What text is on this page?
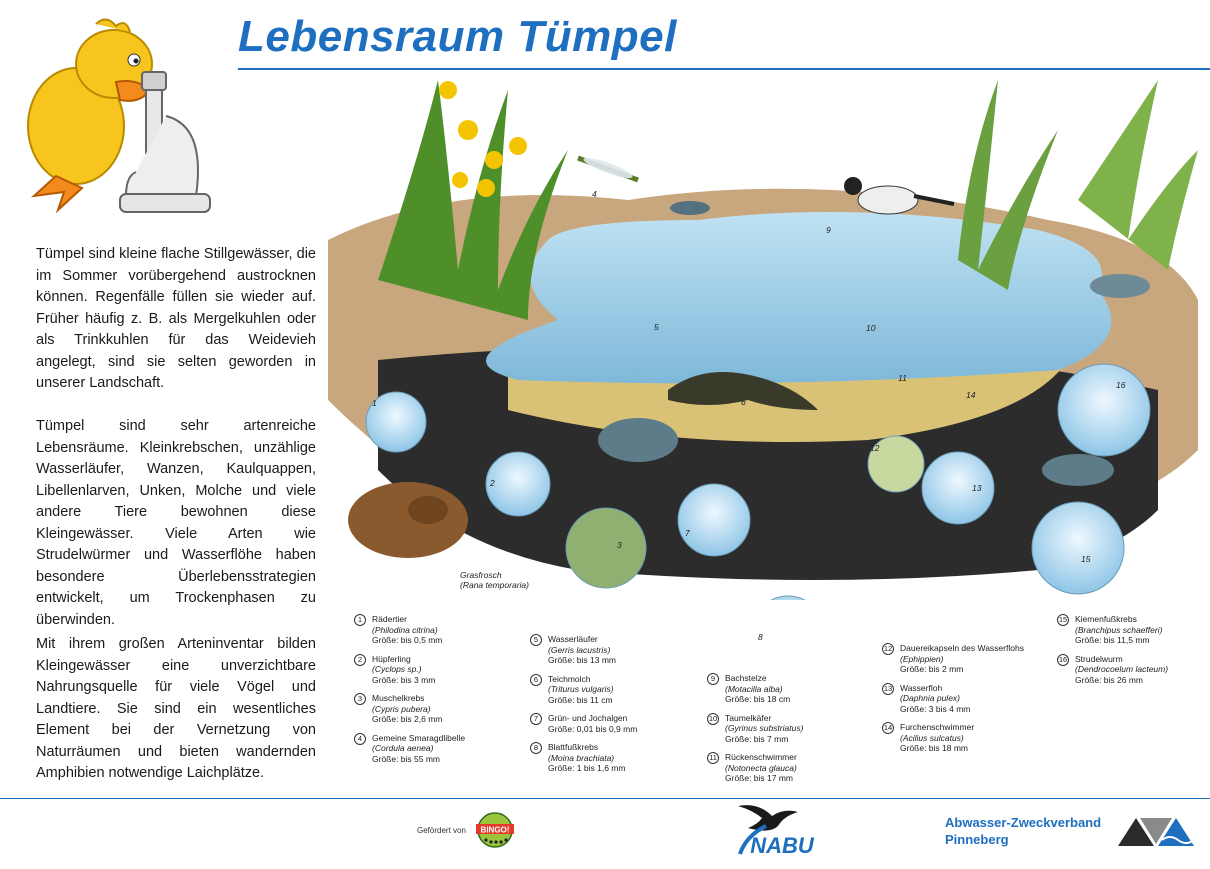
Lebensraum Tümpel

Tümpel sind kleine flache Stillgewässer, die im Sommer vorübergehend austrocknen können. Regenfälle füllen sie wieder auf. Früher häufig z. B. als Mergelkuhlen oder als Trinkkuhlen für das Weidevieh angelegt, sind sie selten geworden in unserer Landschaft.

Tümpel sind sehr artenreiche Lebensräume. Kleinkrebschen, unzählige Wasserläufer, Wanzen, Kaulquappen, Libellenlarven, Unken, Molche und viele andere Tiere bewohnen diese Kleingewässer. Viele Arten wie Strudelwürmer und Wasserflöhe haben besondere Überlebensstrategien entwickelt, um Trockenphasen zu überwinden.

Mit ihrem großen Arteninventar bilden Kleingewässer eine unverzichtbare Nahrungsquelle für viele Vögel und Landtiere. Sie sind ein wesentliches Element bei der Vernetzung von Naturräumen und bieten wandernden Amphibien notwendige Laichplätze.

1
2
3
4
5
6
7
8
9
10
11
12
13
14
15
16
Grasfrosch
(Rana temporaria)
1	Rädertier
(Philodina citrina)
Größe: bis 0,5 mm
2	Hüpferling
(Cyclops sp.)
Größe: bis 3 mm
3	Muschelkrebs
(Cypris pubera)
Größe: bis 2,6 mm
4	Gemeine Smaragdlibelle
(Cordula aenea)
Größe: bis 55 mm
5	Wasserläufer
(Gerris lacustris)
Größe: bis 13 mm
6	Teichmolch
(Triturus vulgaris)
Größe: bis 11 cm
7	Grün- und Jochalgen
Größe: 0,01 bis 0,9 mm
8	Blattfußkrebs
(Moina brachiata)
Größe: 1 bis 1,6 mm
9	Bachstelze
(Motacilla alba)
Größe: bis 18 cm
10 Taumelkäfer
(Gyrinus substriatus)
Größe: bis 7 mm
11 Rückenschwimmer
(Notonecta glauca)
Größe: bis 17 mm
12 Dauereikapseln des Wasserflohs
(Ephippien)
Größe: bis 2 mm
13 Wasserfloh
(Daphnia pulex)
Größe: 3 bis 4 mm
14 Furchenschwimmer
(Acilius sulcatus)
Größe: bis 18 mm
15 Kiemenfußkrebs
(Branchipus schaefferi)
Größe: bis 11,5 mm
16 Strudelwurm
(Dendrocoelum lacteum)
Größe: bis 26 mm
Gefördert von BINGO!
NABU
Abwasser-Zweckverband
Pinneberg
